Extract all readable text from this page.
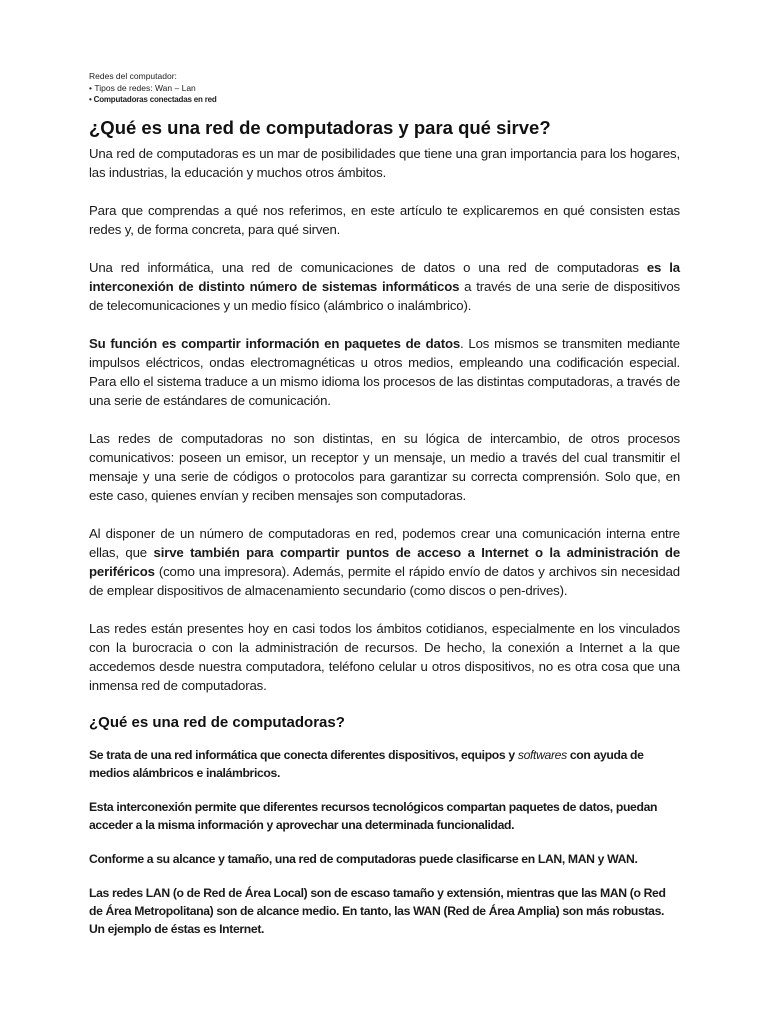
Redes del computador:
• Tipos de redes: Wan – Lan
• Computadoras conectadas en red
¿Qué es una red de computadoras y para qué sirve?

Una red de computadoras es un mar de posibilidades que tiene una gran importancia para los hogares, las industrias, la educación y muchos otros ámbitos.

Para que comprendas a qué nos referimos, en este artículo te explicaremos en qué consisten estas redes y, de forma concreta, para qué sirven.

Una red informática, una red de comunicaciones de datos o una red de computadoras es la interconexión de distinto número de sistemas informáticos a través de una serie de dispositivos de telecomunicaciones y un medio físico (alámbrico o inalámbrico).

Su función es compartir información en paquetes de datos. Los mismos se transmiten mediante impulsos eléctricos, ondas electromagnéticas u otros medios, empleando una codificación especial. Para ello el sistema traduce a un mismo idioma los procesos de las distintas computadoras, a través de una serie de estándares de comunicación.

Las redes de computadoras no son distintas, en su lógica de intercambio, de otros procesos comunicativos: poseen un emisor, un receptor y un mensaje, un medio a través del cual transmitir el mensaje y una serie de códigos o protocolos para garantizar su correcta comprensión. Solo que, en este caso, quienes envían y reciben mensajes son computadoras.

Al disponer de un número de computadoras en red, podemos crear una comunicación interna entre ellas, que sirve también para compartir puntos de acceso a Internet o la administración de periféricos (como una impresora). Además, permite el rápido envío de datos y archivos sin necesidad de emplear dispositivos de almacenamiento secundario (como discos o pen-drives).

Las redes están presentes hoy en casi todos los ámbitos cotidianos, especialmente en los vinculados con la burocracia o con la administración de recursos. De hecho, la conexión a Internet a la que accedemos desde nuestra computadora, teléfono celular u otros dispositivos, no es otra cosa que una inmensa red de computadoras.

¿Qué es una red de computadoras?

Se trata de una red informática que conecta diferentes dispositivos, equipos y softwares con ayuda de medios alámbricos e inalámbricos.

Esta interconexión permite que diferentes recursos tecnológicos compartan paquetes de datos, puedan acceder a la misma información y aprovechar una determinada funcionalidad.

Conforme a su alcance y tamaño, una red de computadoras puede clasificarse en LAN, MAN y WAN.

Las redes LAN (o de Red de Área Local) son de escaso tamaño y extensión, mientras que las MAN (o Red de Área Metropolitana) son de alcance medio. En tanto, las WAN (Red de Área Amplia) son más robustas. Un ejemplo de éstas es Internet.
